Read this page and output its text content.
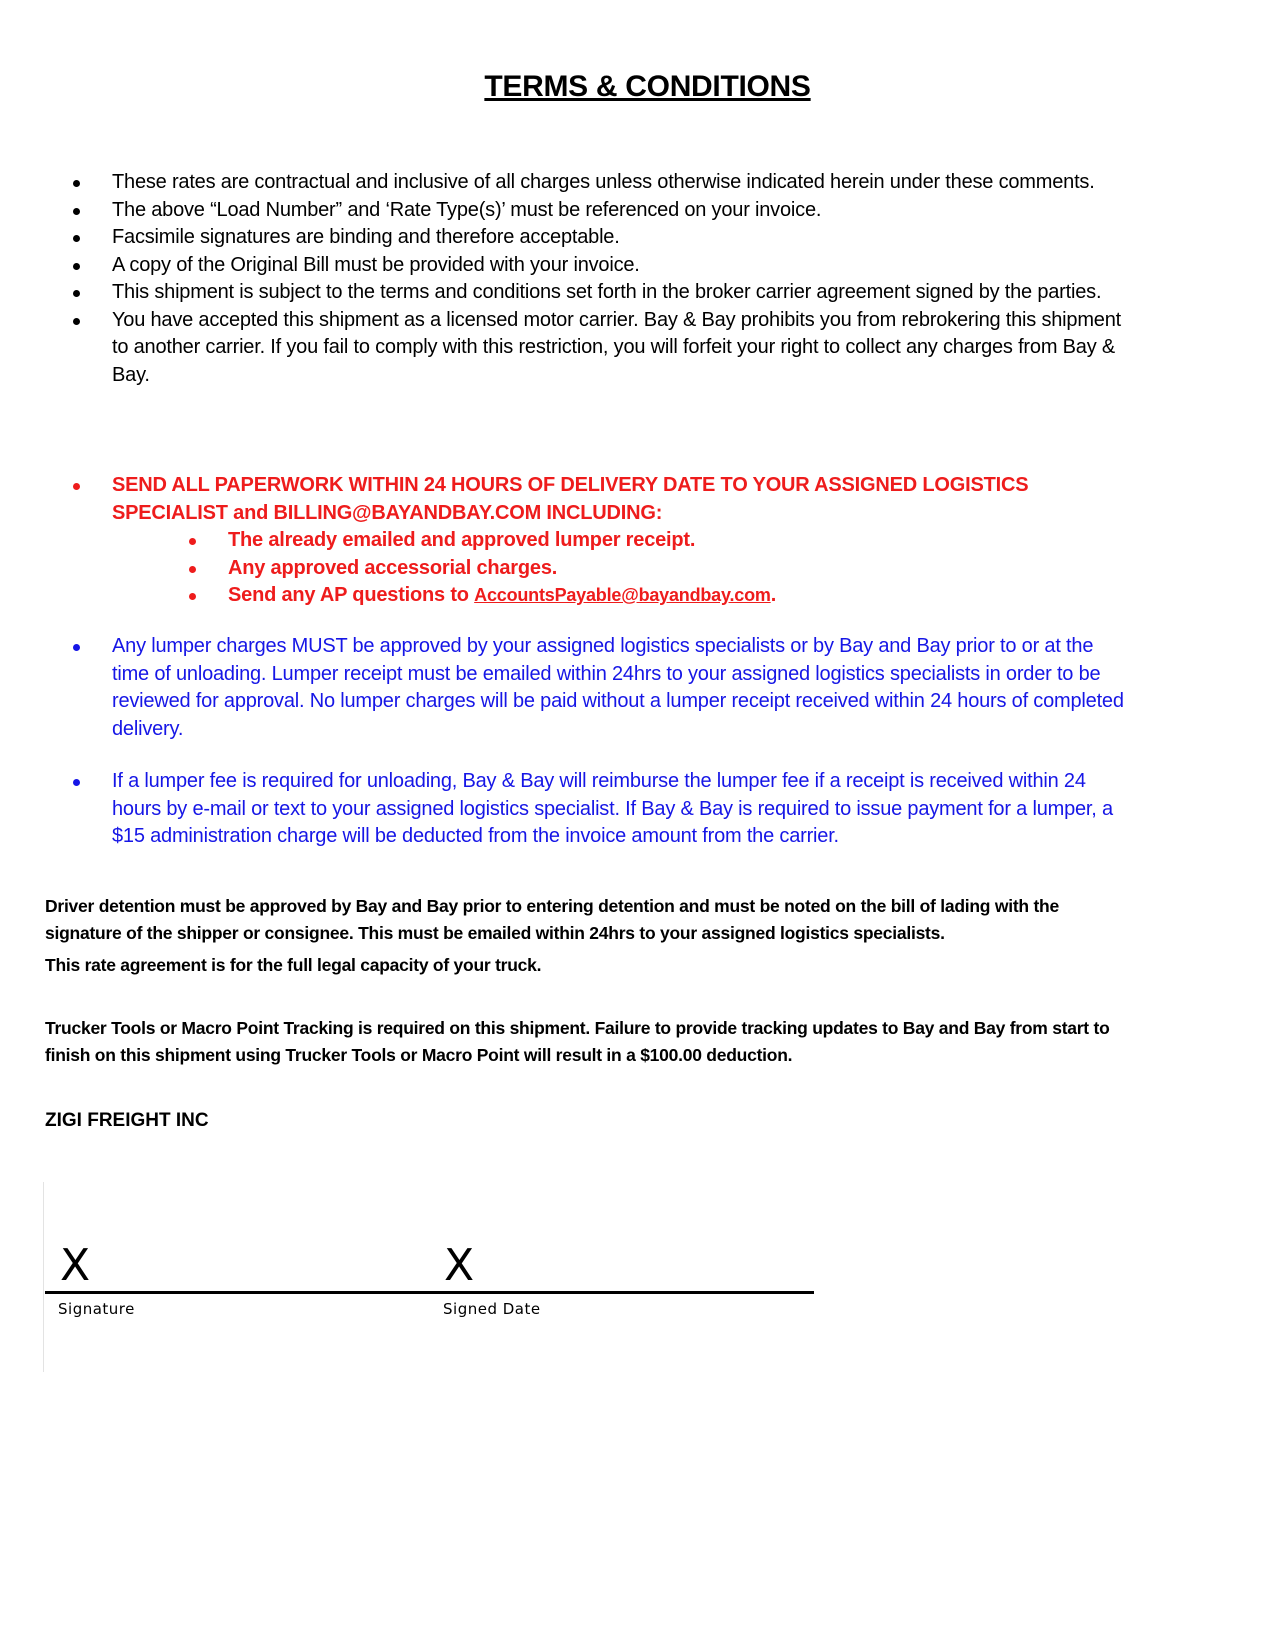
TERMS & CONDITIONS
These rates are contractual and inclusive of all charges unless otherwise indicated herein under these comments.
The above “Load Number” and ‘Rate Type(s)’ must be referenced on your invoice.
Facsimile signatures are binding and therefore acceptable.
A copy of the Original Bill must be provided with your invoice.
This shipment is subject to the terms and conditions set forth in the broker carrier agreement signed by the parties.
You have accepted this shipment as a licensed motor carrier. Bay & Bay prohibits you from rebrokering this shipment to another carrier. If you fail to comply with this restriction, you will forfeit your right to collect any charges from Bay & Bay.
SEND ALL PAPERWORK WITHIN 24 HOURS OF DELIVERY DATE TO YOUR ASSIGNED LOGISTICS SPECIALIST and BILLING@BAYANDBAY.COM INCLUDING:
The already emailed and approved lumper receipt.
Any approved accessorial charges.
Send any AP questions to AccountsPayable@bayandbay.com.
Any lumper charges MUST be approved by your assigned logistics specialists or by Bay and Bay prior to or at the time of unloading. Lumper receipt must be emailed within 24hrs to your assigned logistics specialists in order to be reviewed for approval. No lumper charges will be paid without a lumper receipt received within 24 hours of completed delivery.
If a lumper fee is required for unloading, Bay & Bay will reimburse the lumper fee if a receipt is received within 24 hours by e-mail or text to your assigned logistics specialist. If Bay & Bay is required to issue payment for a lumper, a $15 administration charge will be deducted from the invoice amount from the carrier.

Driver detention must be approved by Bay and Bay prior to entering detention and must be noted on the bill of lading with the signature of the shipper or consignee. This must be emailed within 24hrs to your assigned logistics specialists.

This rate agreement is for the full legal capacity of your truck.

Trucker Tools or Macro Point Tracking is required on this shipment. Failure to provide tracking updates to Bay and Bay from start to finish on this shipment using Trucker Tools or Macro Point will result in a $100.00 deduction.

ZIGI FREIGHT INC
X	X
Signature	Signed Date
